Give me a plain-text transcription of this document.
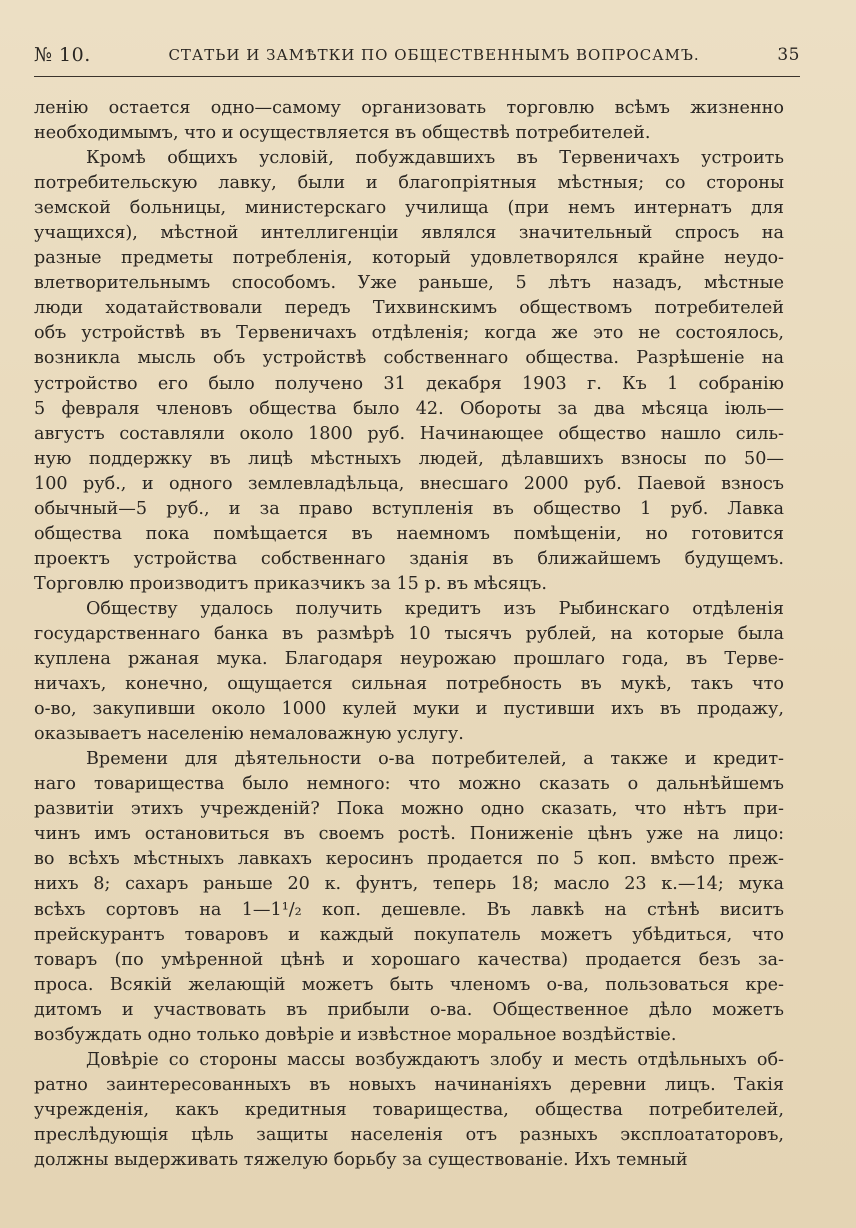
№ 10.	СТАТЬИ И ЗАМѢТКИ ПО ОБЩЕСТВЕННЫМЪ ВОПРОСАМЪ.	35

ленію остается одно—самому организовать торговлю всѣмъ жизненно
необходимымъ, что и осуществляется въ обществѣ потребителей.

Кромѣ общихъ условій, побуждавшихъ въ Тервеничахъ устроить
потребительскую лавку, были и благопріятныя мѣстныя; со стороны
земской больницы, министерскаго училища (при немъ интернатъ для
учащихся), мѣстной интеллигенціи являлся значительный спросъ на
разные предметы потребленія, который удовлетворялся крайне неудо-
влетворительнымъ способомъ. Уже раньше, 5 лѣтъ назадъ, мѣстные
люди ходатайствовали передъ Тихвинскимъ обществомъ потребителей
объ устройствѣ въ Тервеничахъ отдѣленія; когда же это не состоялось,
возникла мысль объ устройствѣ собственнаго общества. Разрѣшеніе на
устройство его было получено 31 декабря 1903 г. Къ 1 собранію
5 февраля членовъ общества было 42. Обороты за два мѣсяца іюль—
августъ составляли около 1800 руб. Начинающее общество нашло силь-
ную поддержку въ лицѣ мѣстныхъ людей, дѣлавшихъ взносы по 50—
100 руб., и одного землевладѣльца, внесшаго 2000 руб. Паевой взносъ
обычный—5 руб., и за право вступленія въ общество 1 руб. Лавка
общества пока помѣщается въ наемномъ помѣщеніи, но готовится
проектъ устройства собственнаго зданія въ ближайшемъ будущемъ.
Торговлю производитъ приказчикъ за 15 р. въ мѣсяцъ.

Обществу удалось получить кредитъ изъ Рыбинскаго отдѣленія
государственнаго банка въ размѣрѣ 10 тысячъ рублей, на которые была
куплена ржаная мука. Благодаря неурожаю прошлаго года, въ Терве-
ничахъ, конечно, ощущается сильная потребность въ мукѣ, такъ что
о-во, закупивши около 1000 кулей муки и пустивши ихъ въ продажу,
оказываетъ населенію немаловажную услугу.

Времени для дѣятельности о-ва потребителей, а также и кредит-
наго товарищества было немного: что можно сказать о дальнѣйшемъ
развитіи этихъ учрежденій? Пока можно одно сказать, что нѣтъ при-
чинъ имъ остановиться въ своемъ ростѣ. Пониженіе цѣнъ уже на лицо:
во всѣхъ мѣстныхъ лавкахъ керосинъ продается по 5 коп. вмѣсто преж-
нихъ 8; сахаръ раньше 20 к. фунтъ, теперь 18; масло 23 к.—14; мука
всѣхъ сортовъ на 1—1¹/₂ коп. дешевле. Въ лавкѣ на стѣнѣ виситъ
прейскурантъ товаровъ и каждый покупатель можетъ убѣдиться, что
товаръ (по умѣренной цѣнѣ и хорошаго качества) продается безъ за-
проса. Всякій желающій можетъ быть членомъ о-ва, пользоваться кре-
дитомъ и участвовать въ прибыли о-ва. Общественное дѣло можетъ
возбуждать одно только довѣріе и извѣстное моральное воздѣйствіе.

Довѣріе со стороны массы возбуждаютъ злобу и месть отдѣльныхъ об-
ратно заинтересованныхъ въ новыхъ начинаніяхъ деревни лицъ. Такія
учрежденія, какъ кредитныя товарищества, общества потребителей,
преслѣдующія цѣль защиты населенія отъ разныхъ эксплоататоровъ,
должны выдерживать тяжелую борьбу за существованіе. Ихъ темный
